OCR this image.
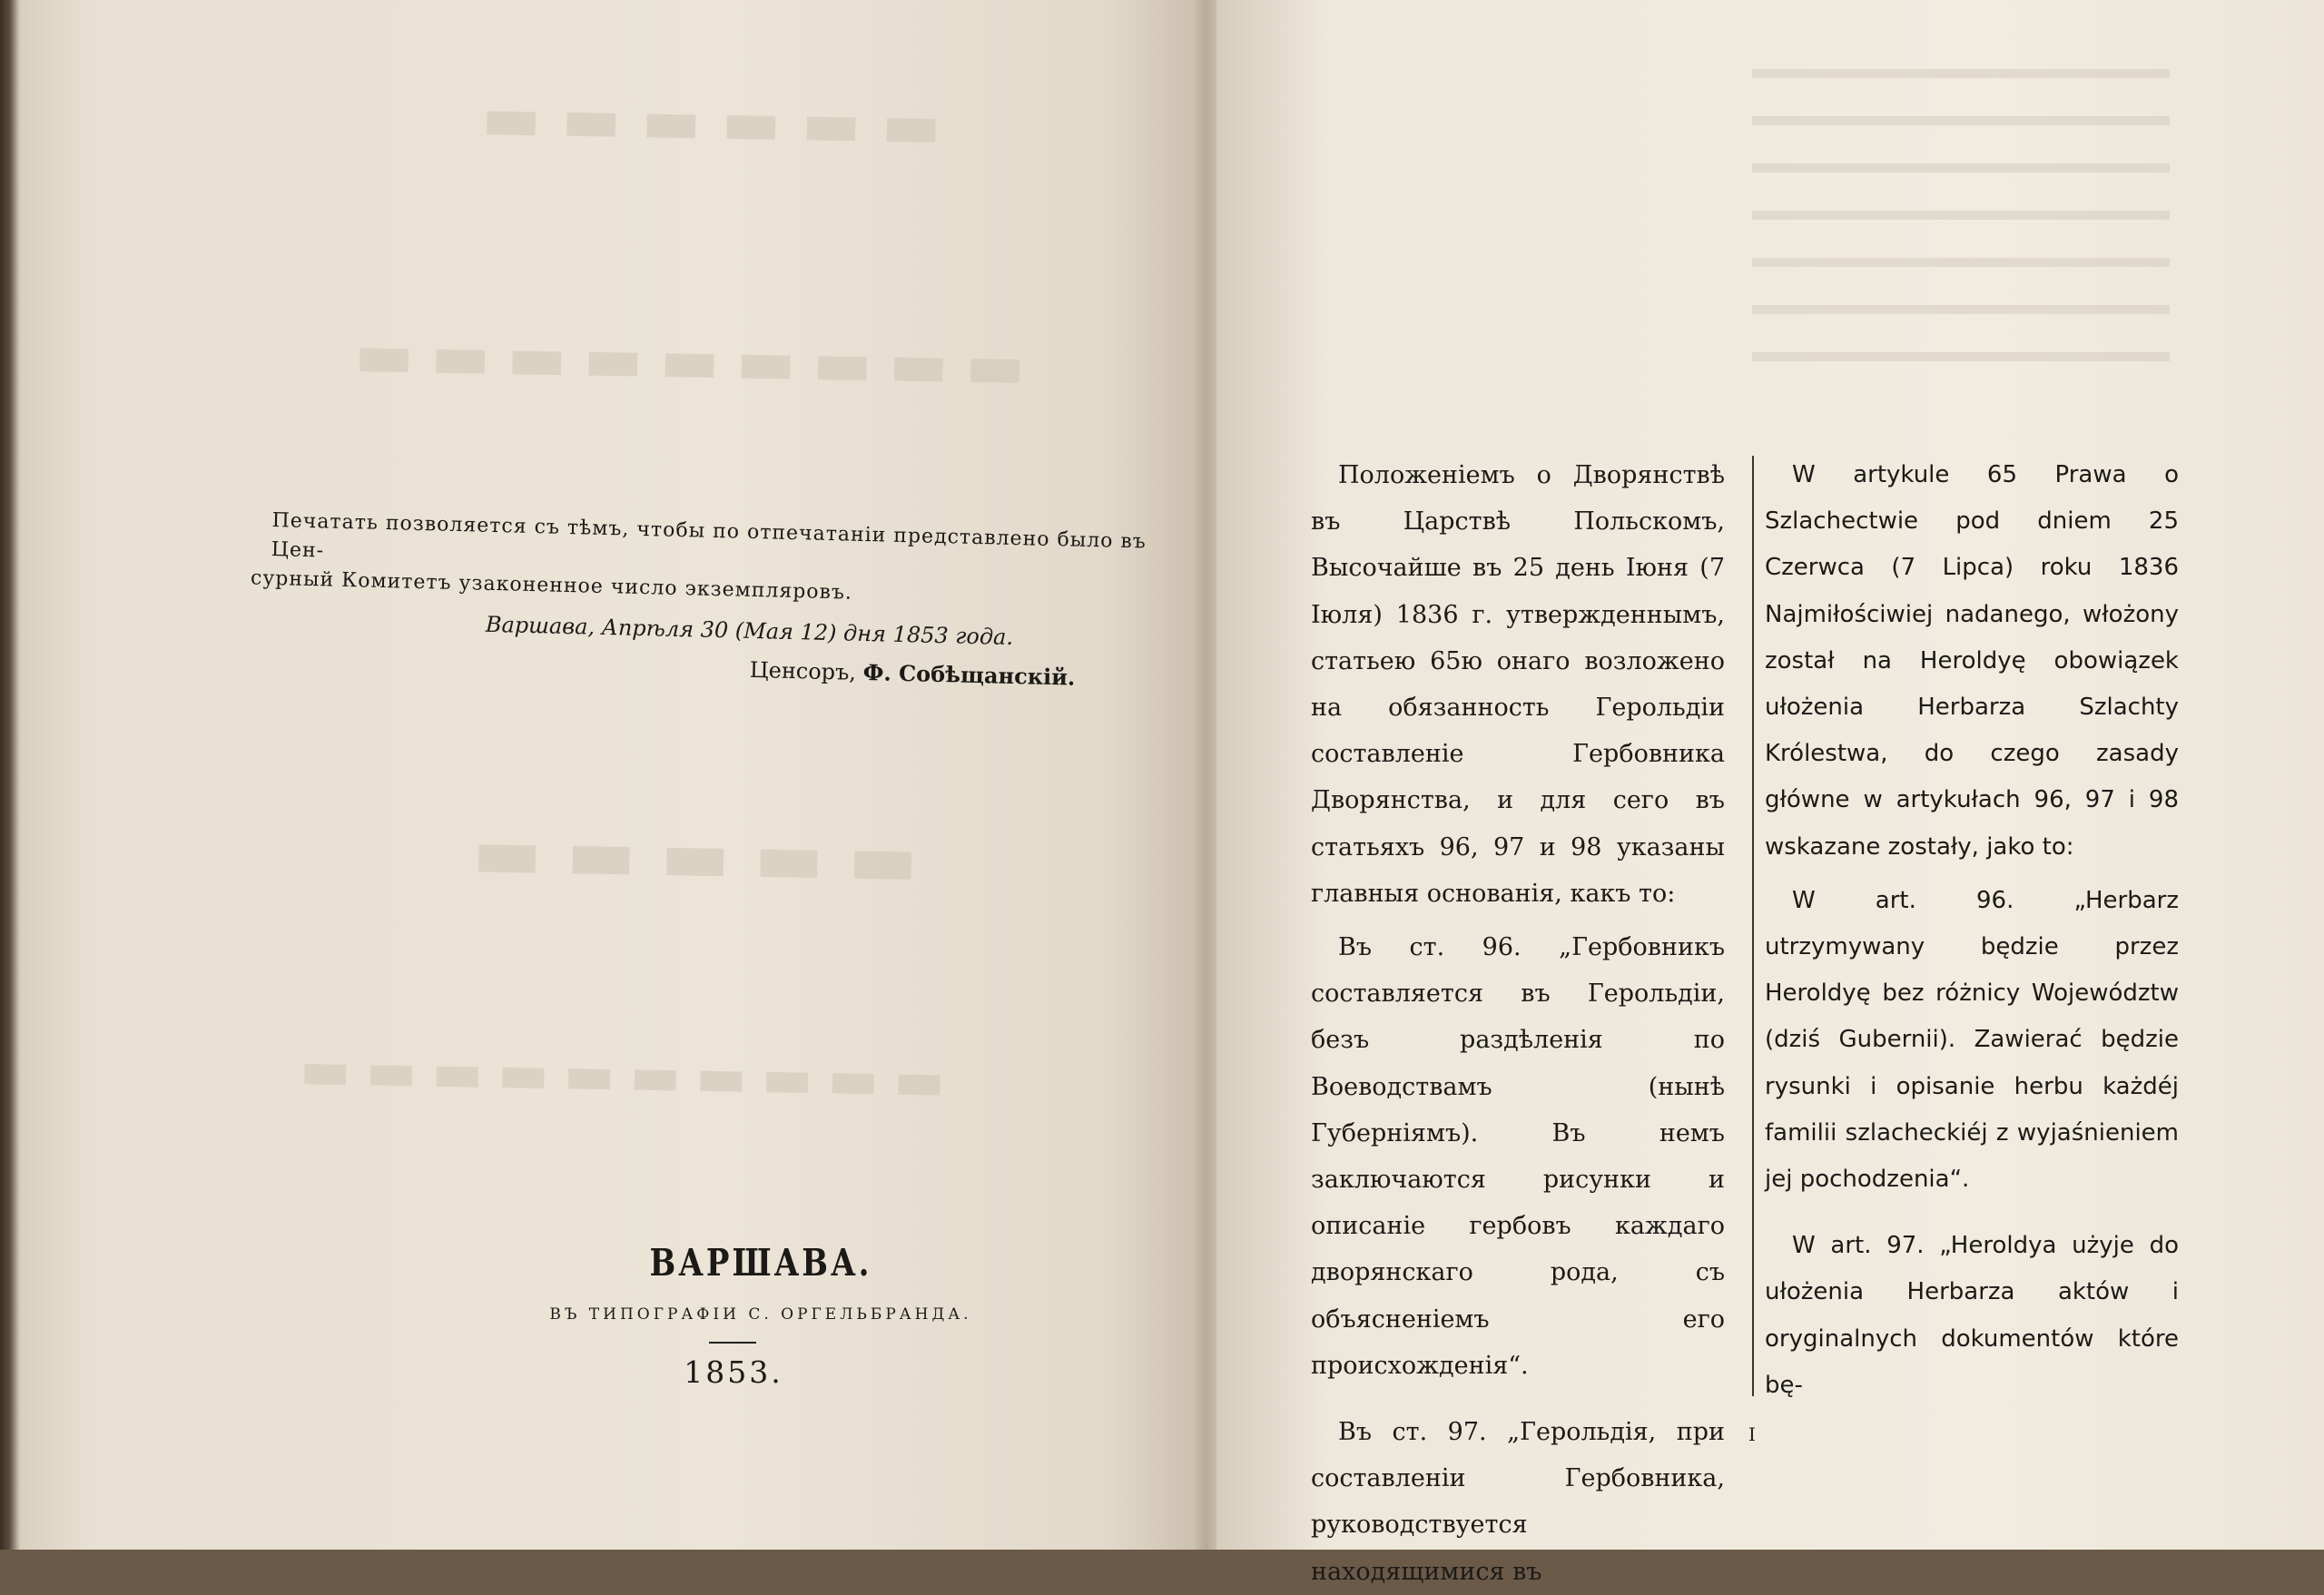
▬▬▬▬▬▬
▬▬▬▬▬▬▬▬▬
▬▬▬▬▬
▬▬▬▬▬▬▬▬▬▬
Печатать позволяется съ тѣмъ, чтобы по отпечатаніи представлено было въ Цен-
сурный Комитетъ узаконенное число экземпляровъ.
Варшава, Апрѣля 30 (Мая 12) дня 1853 года.
Ценсоръ, Ф. Собѣщанскій.
ВАРШАВА.
ВЪ ТИПОГРАФІИ С. ОРГЕЛЬБРАНДА.
1853.

Положеніемъ о Дворянствѣ въ Царствѣ Польскомъ, Высочайше въ 25 день Іюня (7 Іюля) 1836 г. утвержденнымъ, статьею 65ю онаго возложено на обязанность Герольдіи составленіе Гербовника Дворянства, и для сего въ статьяхъ 96, 97 и 98 указаны главныя основанія, какъ то:

Въ ст. 96. „Гербовникъ составляется въ Герольдіи, безъ раздѣленія по Воеводствамъ (нынѣ Губерніямъ). Въ немъ заключаются рисунки и описаніе гербовъ каждаго дворянскаго рода, съ объясненіемъ его происхожденія“.

Въ ст. 97. „Герольдія, при составленіи Гербовника, руководствуется находящимися въ

W artykule 65 Prawa o Szlachectwie pod dniem 25 Czerwca (7 Lipca) roku 1836 Najmiłościwiej nadanego, włożony został na Heroldyę obowiązek ułożenia Herbarza Szlachty Królestwa, do czego zasady główne w artykułach 96, 97 i 98 wskazane zostały, jako to:

W art. 96. „Herbarz utrzymywany będzie przez Heroldyę bez różnicy Województw (dziś Gubernii). Zawierać będzie rysunki i opisanie herbu każdéj familii szlacheckiéj z wyjaśnieniem jej pochodzenia“.

W art. 97. „Heroldya użyje do ułożenia Herbarza aktów i oryginalnych dokumentów które bę-

I
